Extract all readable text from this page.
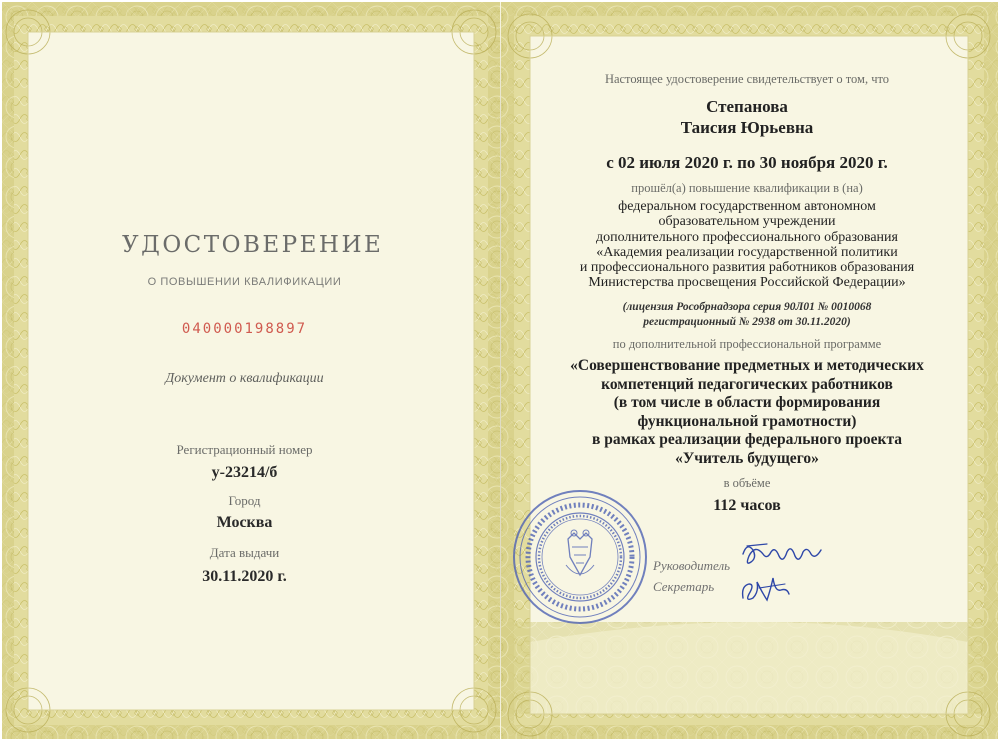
УДОСТОВЕРЕНИЕ
О ПОВЫШЕНИИ КВАЛИФИКАЦИИ
040000198897
Документ о квалификации
Регистрационный номер
у-23214/б
Город
Москва
Дата выдачи
30.11.2020 г.
Настоящее удостоверение свидетельствует о том, что
Степанова
Таисия Юрьевна
с 02 июля 2020 г. по 30 ноября 2020 г.
прошёл(а) повышение квалификации в (на)
федеральном государственном автономном
образовательном учреждении
дополнительного профессионального образования
«Академия реализации государственной политики
и профессионального развития работников образования
Министерства просвещения Российской Федерации»
(лицензия Рособрнадзора серия 90Л01 № 0010068
регистрационный № 2938 от 30.11.2020)
по дополнительной профессиональной программе
«Совершенствование предметных и методических
компетенций педагогических работников
(в том числе в области формирования
функциональной грамотности)
в рамках реализации федерального проекта
«Учитель будущего»
в объёме
112 часов
Руководитель
Секретарь
